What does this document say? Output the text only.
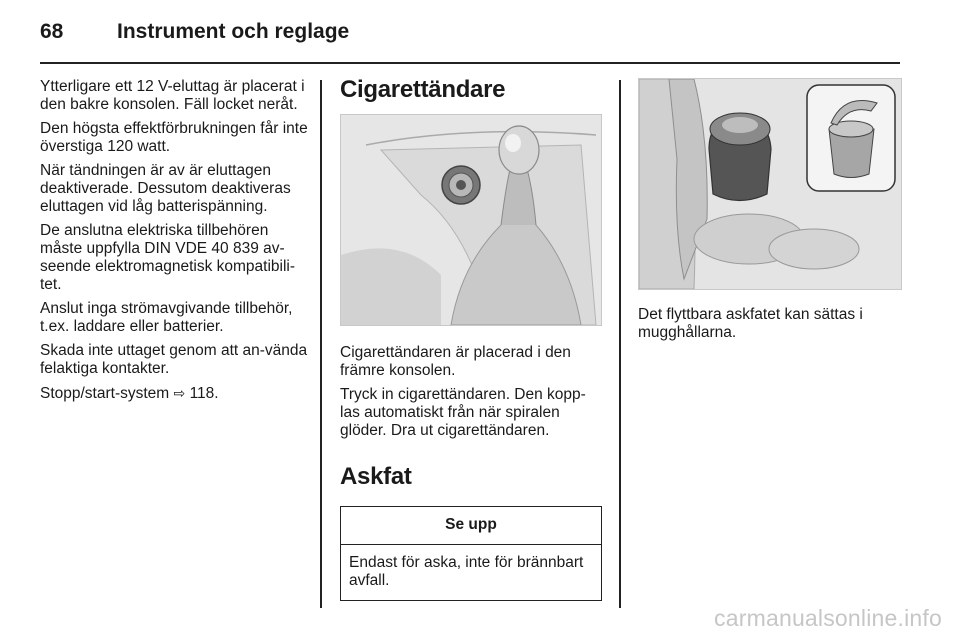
68	Instrument och reglage

Ytterligare ett 12 V-eluttag är placerat i den bakre konsolen. Fäll locket neråt.

Den högsta effektförbrukningen får inte överstiga 120 watt.

När tändningen är av är eluttagen deaktiverade. Dessutom deaktiveras eluttagen vid låg batterispänning.

De anslutna elektriska tillbehören måste uppfylla DIN VDE 40 839 av-seende elektromagnetisk kompatibili-tet.

Anslut inga strömavgivande tillbehör, t.ex. laddare eller batterier.

Skada inte uttaget genom att an-vända felaktiga kontakter.

Stopp/start-system ⇨ 118.

Cigarettändare

Cigarettändaren är placerad i den främre konsolen.

Tryck in cigarettändaren. Den kopp-las automatiskt från när spiralen glöder. Dra ut cigarettändaren.

Askfat
Se upp
Endast för aska, inte för brännbart avfall.

Det flyttbara askfatet kan sättas i mugghållarna.

carmanualsonline.info
